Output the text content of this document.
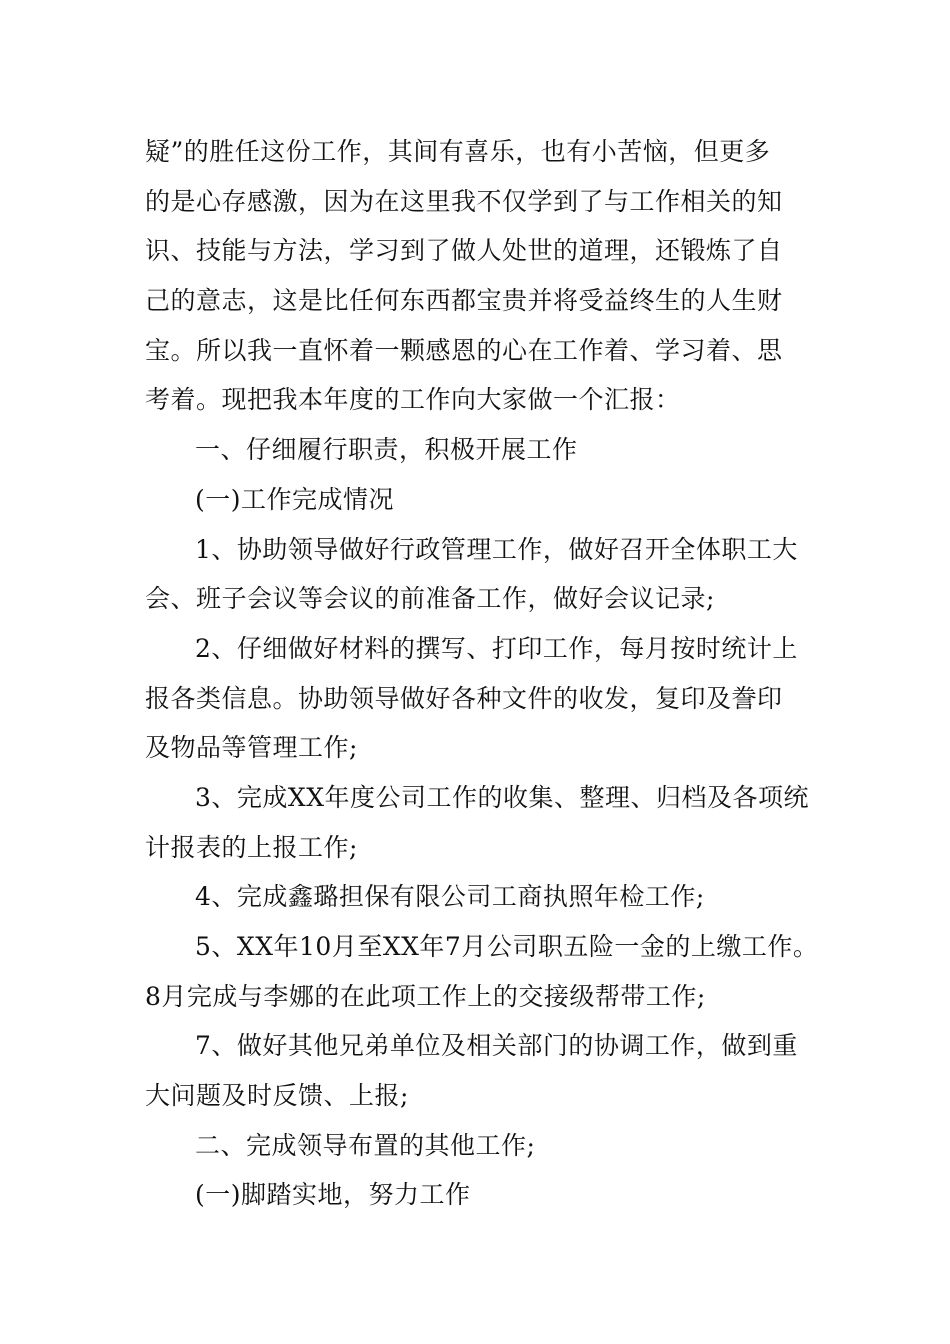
疑”的胜任这份工作，其间有喜乐，也有小苦恼，但更多
的是心存感激，因为在这里我不仅学到了与工作相关的知
识、技能与方法，学习到了做人处世的道理，还锻炼了自
己的意志，这是比任何东西都宝贵并将受益终生的人生财
宝。所以我一直怀着一颗感恩的心在工作着、学习着、思
考着。现把我本年度的工作向大家做一个汇报：
一、仔细履行职责，积极开展工作
(一)工作完成情况
1、协助领导做好行政管理工作，做好召开全体职工大
会、班子会议等会议的前准备工作，做好会议记录;
2、仔细做好材料的撰写、打印工作，每月按时统计上
报各类信息。协助领导做好各种文件的收发，复印及誊印
及物品等管理工作;
3、完成XX年度公司工作的收集、整理、归档及各项统
计报表的上报工作;
4、完成鑫璐担保有限公司工商执照年检工作;
5、XX年10月至XX年7月公司职五险一金的上缴工作。
8月完成与李娜的在此项工作上的交接级帮带工作;
7、做好其他兄弟单位及相关部门的协调工作，做到重
大问题及时反馈、上报;
二、完成领导布置的其他工作;
(一)脚踏实地，努力工作
